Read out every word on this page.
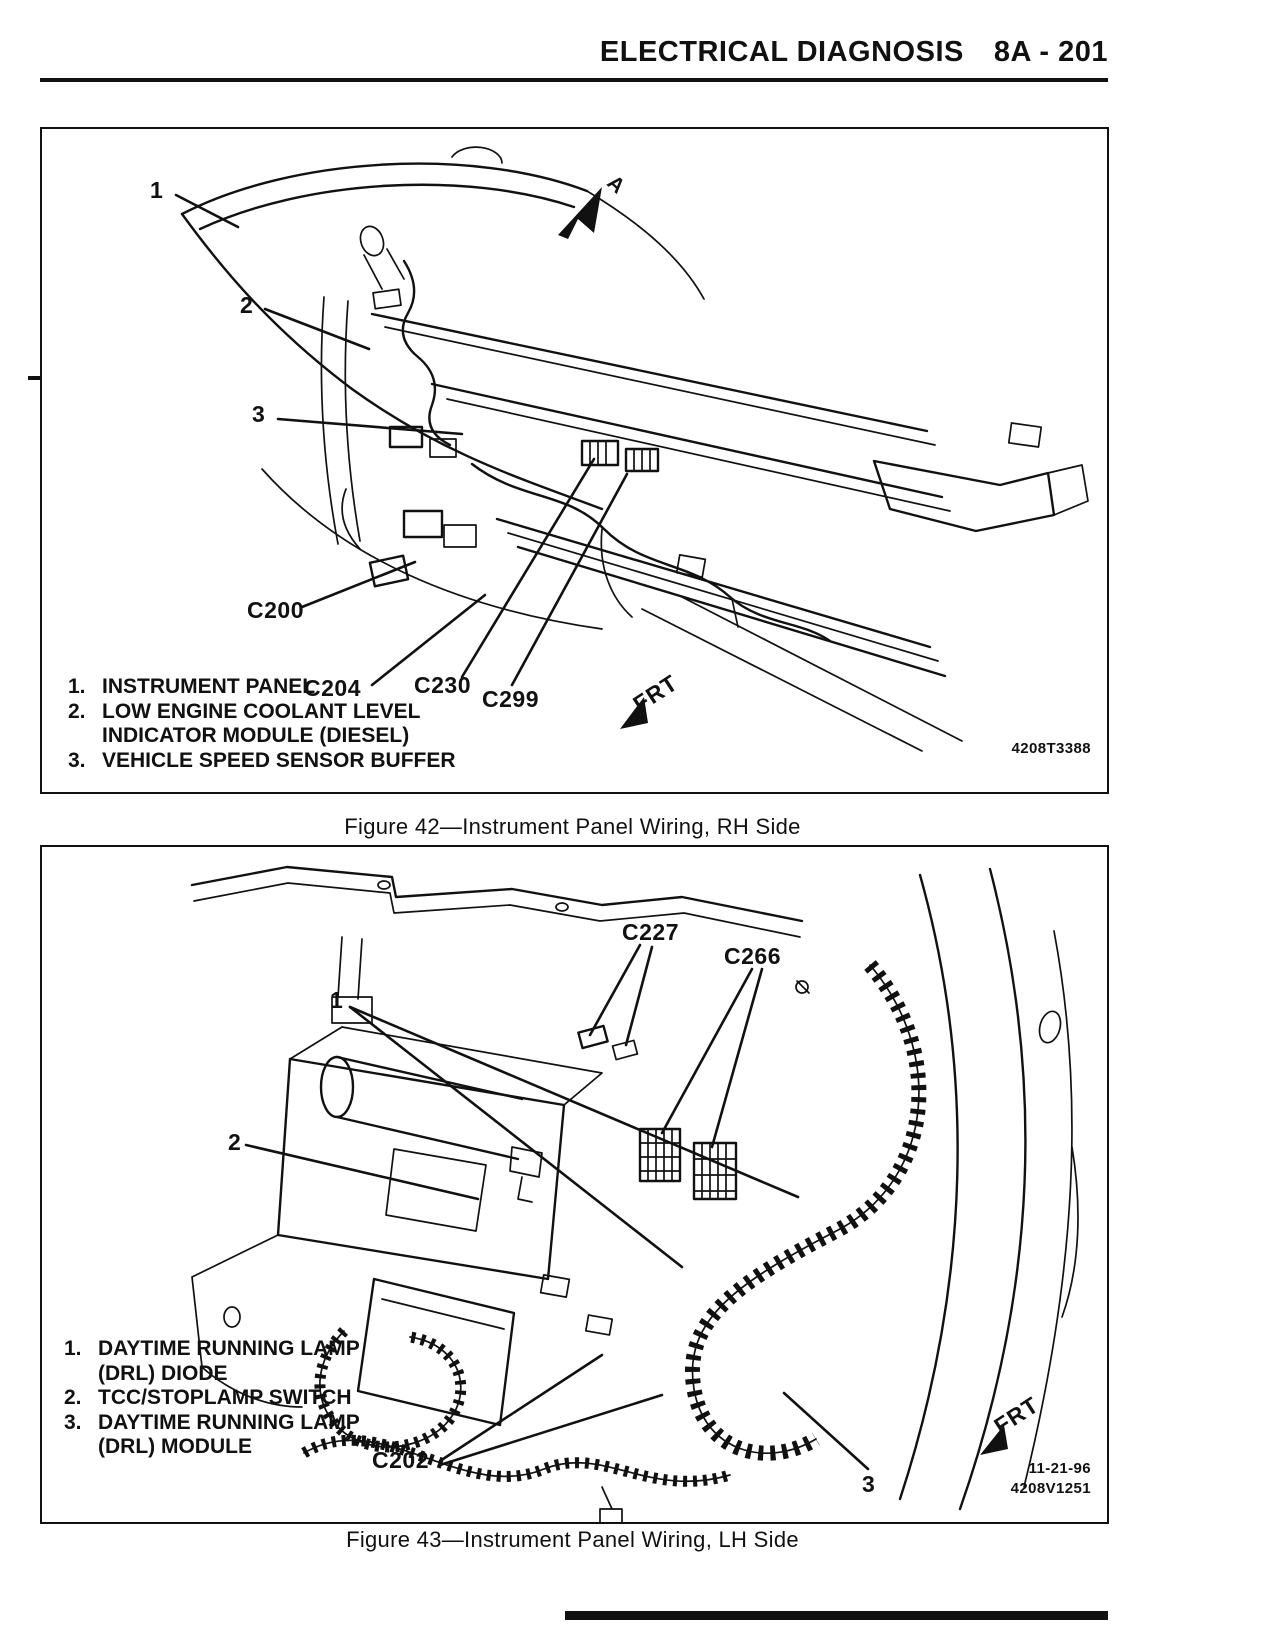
ELECTRICAL DIAGNOSIS 8A - 201
1
2
3
C200
C204 C230
C299
A
FRT
1. INSTRUMENT PANEL
2. LOW ENGINE COOLANT LEVEL INDICATOR MODULE (DIESEL)
3. VEHICLE SPEED SENSOR BUFFER
4208T3388
Figure 42—Instrument Panel Wiring, RH Side
C227
C266
1
2
3
C202
FRT
1. DAYTIME RUNNING LAMP (DRL) DIODE
2. TCC/STOPLAMP SWITCH
3. DAYTIME RUNNING LAMP (DRL) MODULE
11-21-96
4208V1251
Figure 43—Instrument Panel Wiring, LH Side
